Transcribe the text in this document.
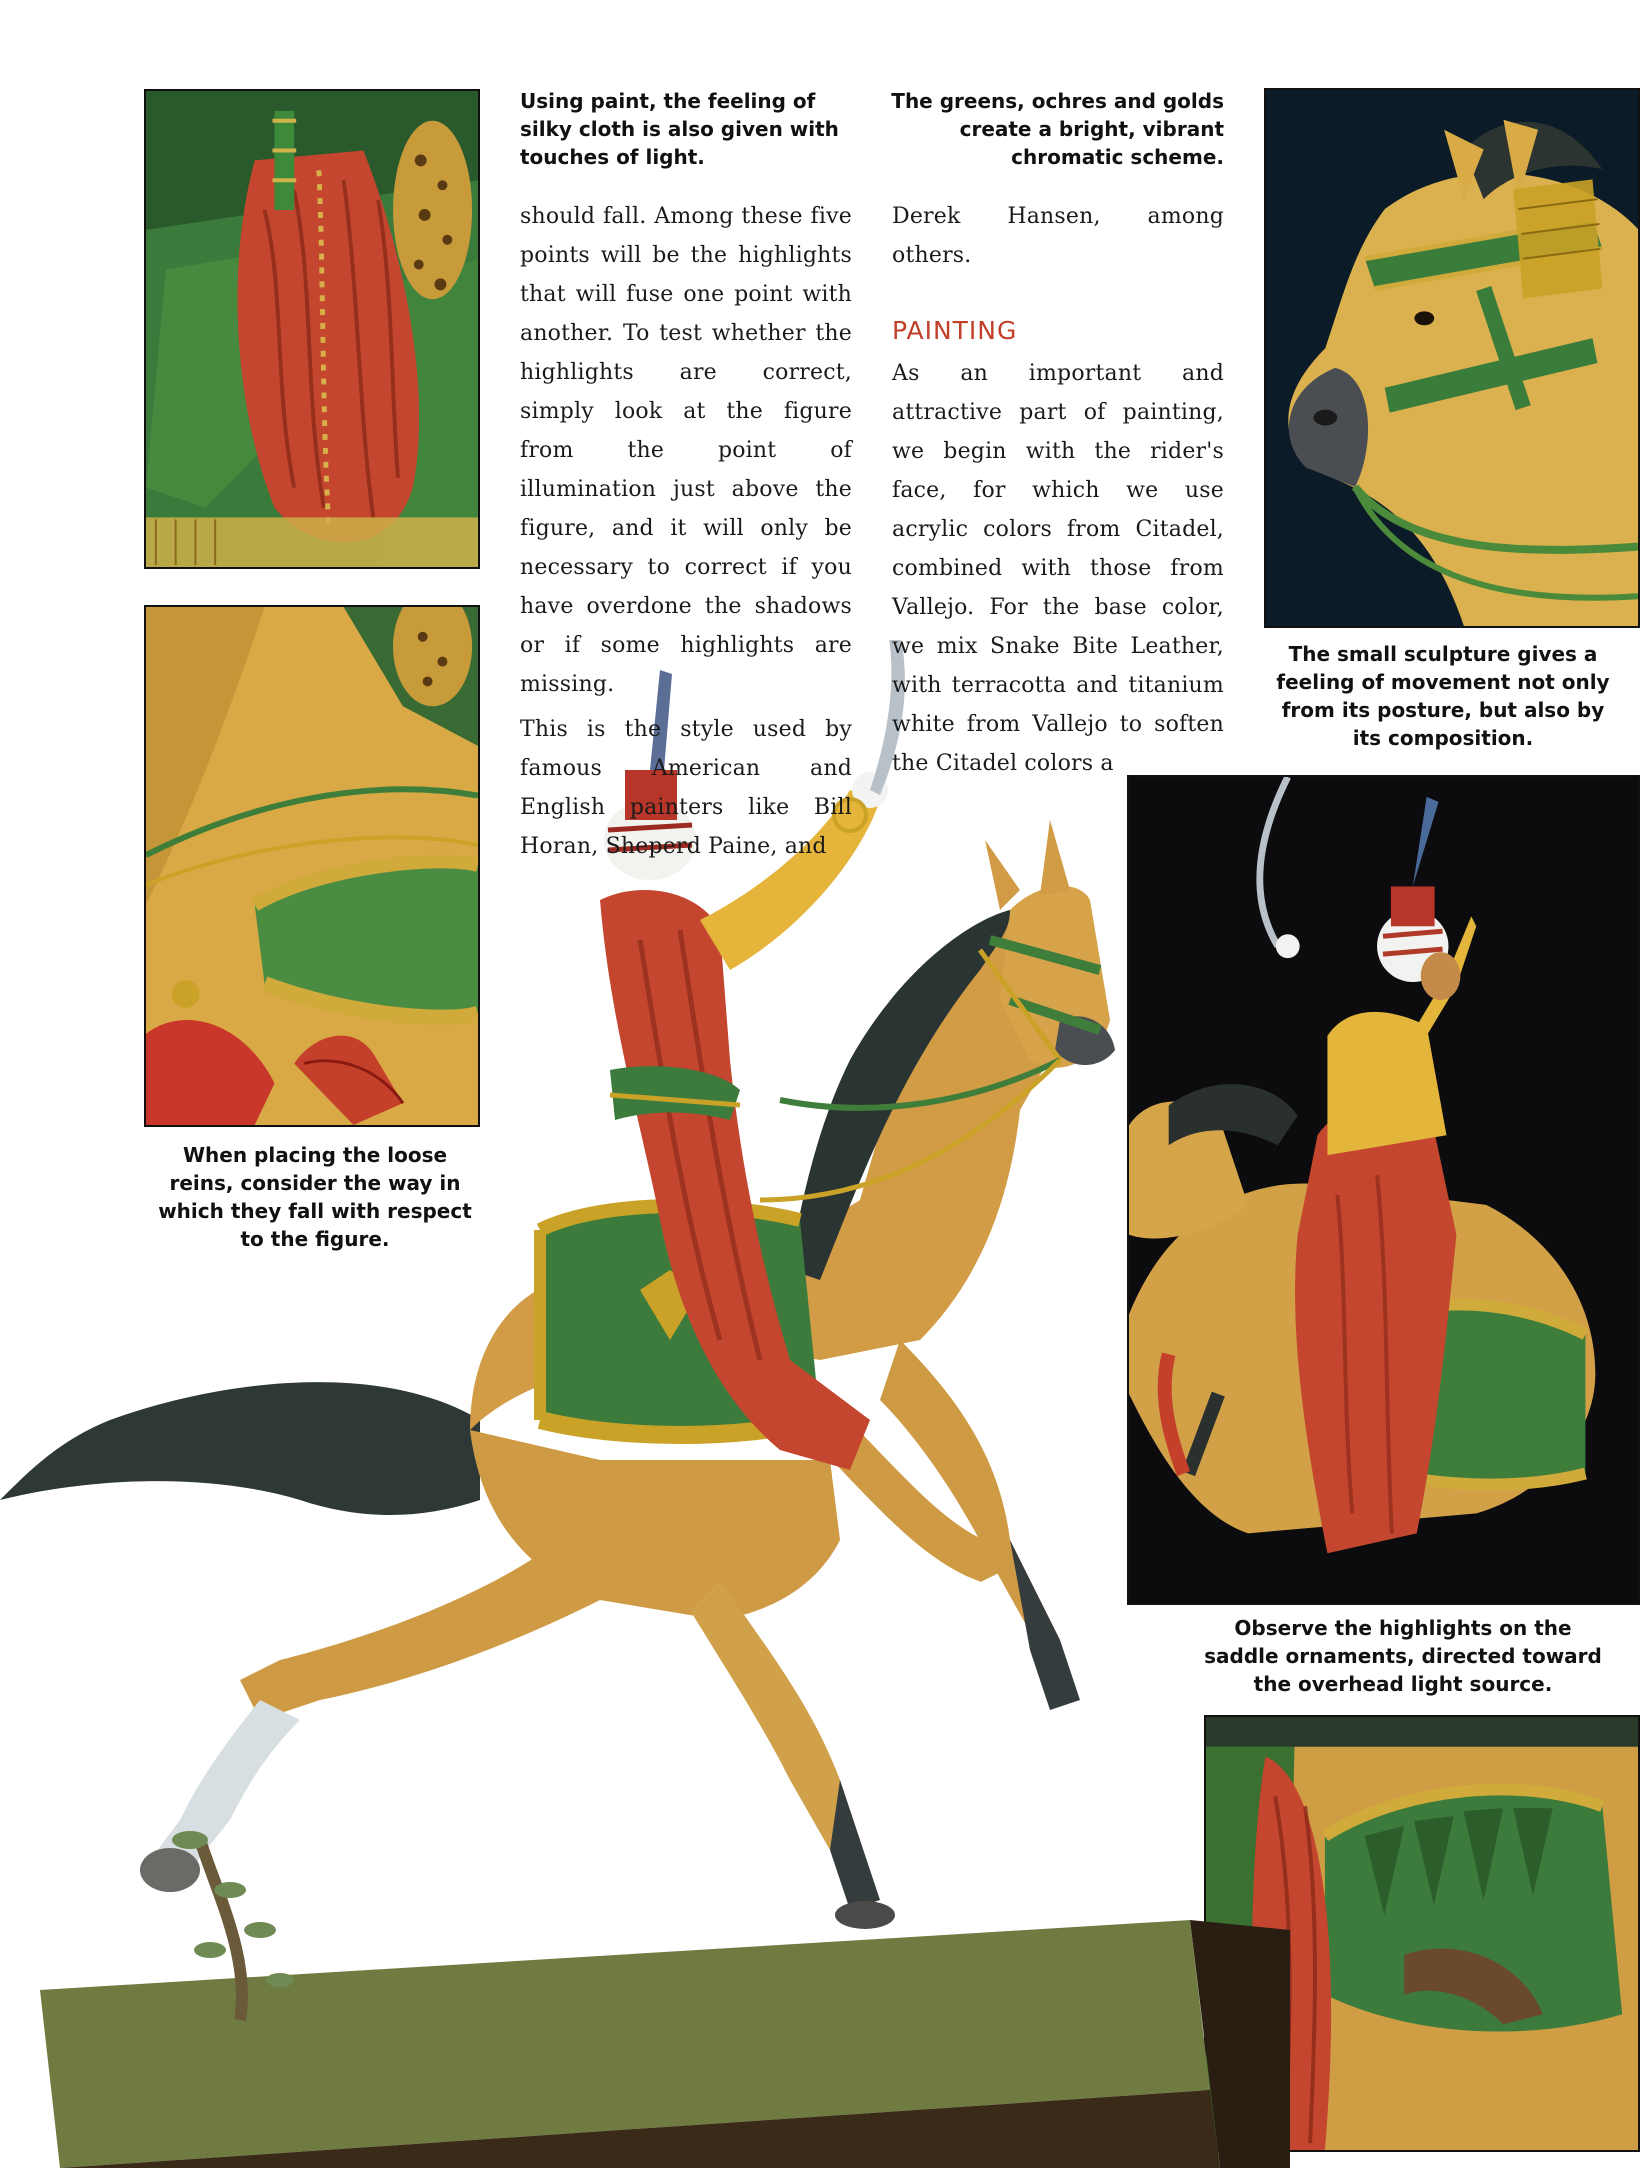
Using paint, the feeling of silky cloth is also given with touches of light.

The greens, ochres and golds create a bright, vibrant chromatic scheme.

The small sculpture gives a feeling of movement not only from its posture, but also by its composition.

When placing the loose reins, consider the way in which they fall with respect to the figure.

Observe the highlights on the saddle ornaments, directed toward the overhead light source.

should fall. Among these five points will be the highlights that will fuse one point with another. To test whether the highlights are correct, simply look at the figure from the point of illumination just above the figure, and it will only be necessary to correct if you have overdone the shadows or if some highlights are missing.

This is the style used by famous American and English painters like Bill Horan, Sheperd Paine, and

Derek Hansen, among others.

PAINTING

As an important and attractive part of painting, we begin with the rider's face, for which we use acrylic colors from Citadel, combined with those from Vallejo. For the base color, we mix Snake Bite Leather, with terracotta and titanium white from Vallejo to soften the Citadel colors a
